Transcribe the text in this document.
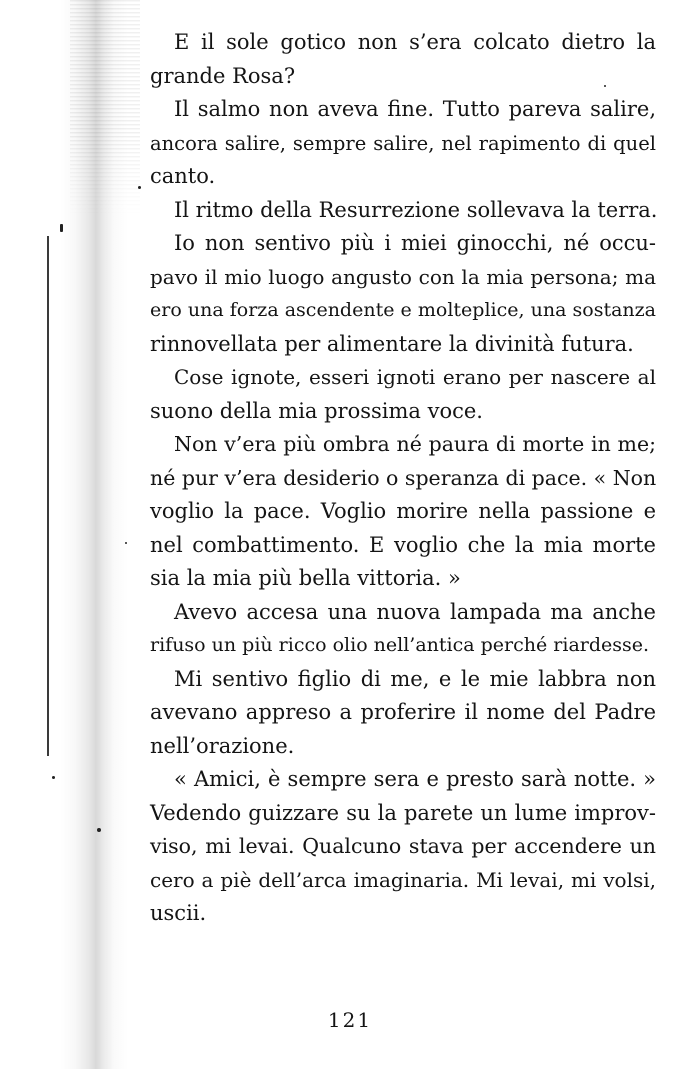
E il sole gotico non s’era colcato dietro la
grande Rosa?
Il salmo non aveva fine. Tutto pareva salire,
ancora salire, sempre salire, nel rapimento di quel
canto.
Il ritmo della Resurrezione sollevava la terra.
Io non sentivo più i miei ginocchi, né occu-
pavo il mio luogo angusto con la mia persona; ma
ero una forza ascendente e molteplice, una sostanza
rinnovellata per alimentare la divinità futura.
Cose ignote, esseri ignoti erano per nascere al
suono della mia prossima voce.
Non v’era più ombra né paura di morte in me;
né pur v’era desiderio o speranza di pace. « Non
voglio la pace. Voglio morire nella passione e
nel combattimento. E voglio che la mia morte
sia la mia più bella vittoria. »
Avevo accesa una nuova lampada ma anche
rifuso un più ricco olio nell’antica perché riardesse.
Mi sentivo figlio di me, e le mie labbra non
avevano appreso a proferire il nome del Padre
nell’orazione.
« Amici, è sempre sera e presto sarà notte. »
Vedendo guizzare su la parete un lume improv-
viso, mi levai. Qualcuno stava per accendere un
cero a piè dell’arca imaginaria. Mi levai, mi volsi,
uscii.
121
